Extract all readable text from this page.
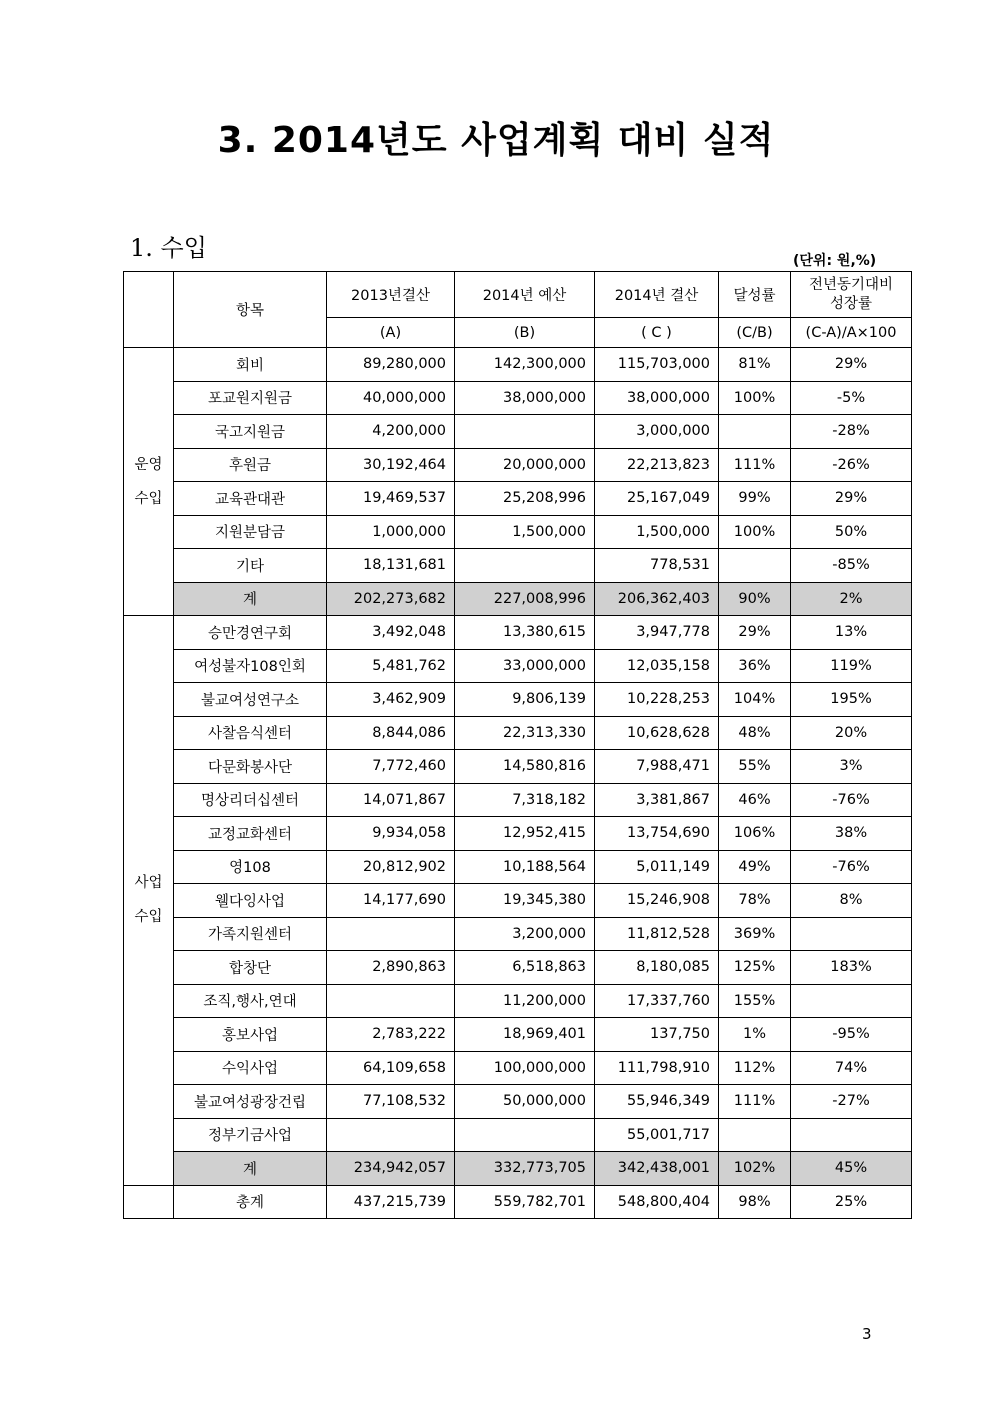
3. 2014년도 사업계획 대비 실적
1. 수입	(단위: 원,%)
	항목	2013년결산	2014년 예산	2014년 결산	달성률	전년동기대비 성장률
		(A)	(B)	( C )	(C/B)	(C-A)/A×100
운영
수입	회비	89,280,000	142,300,000	115,703,000	81%	29%
	포교원지원금	40,000,000	38,000,000	38,000,000	100%	-5%
	국고지원금	4,200,000		3,000,000		-28%
	후원금	30,192,464	20,000,000	22,213,823	111%	-26%
	교육관대관	19,469,537	25,208,996	25,167,049	99%	29%
	지원분담금	1,000,000	1,500,000	1,500,000	100%	50%
	기타	18,131,681		778,531		-85%
	계	202,273,682	227,008,996	206,362,403	90%	2%
사업
수입	승만경연구회	3,492,048	13,380,615	3,947,778	29%	13%
	여성불자108인회	5,481,762	33,000,000	12,035,158	36%	119%
	불교여성연구소	3,462,909	9,806,139	10,228,253	104%	195%
	사찰음식센터	8,844,086	22,313,330	10,628,628	48%	20%
	다문화봉사단	7,772,460	14,580,816	7,988,471	55%	3%
	명상리더십센터	14,071,867	7,318,182	3,381,867	46%	-76%
	교정교화센터	9,934,058	12,952,415	13,754,690	106%	38%
	영108	20,812,902	10,188,564	5,011,149	49%	-76%
	웰다잉사업	14,177,690	19,345,380	15,246,908	78%	8%
	가족지원센터		3,200,000	11,812,528	369%	
	합창단	2,890,863	6,518,863	8,180,085	125%	183%
	조직,행사,연대		11,200,000	17,337,760	155%	
	홍보사업	2,783,222	18,969,401	137,750	1%	-95%
	수익사업	64,109,658	100,000,000	111,798,910	112%	74%
	불교여성광장건립	77,108,532	50,000,000	55,946,349	111%	-27%
	정부기금사업			55,001,717		
	계	234,942,057	332,773,705	342,438,001	102%	45%
	총계	437,215,739	559,782,701	548,800,404	98%	25%
3
